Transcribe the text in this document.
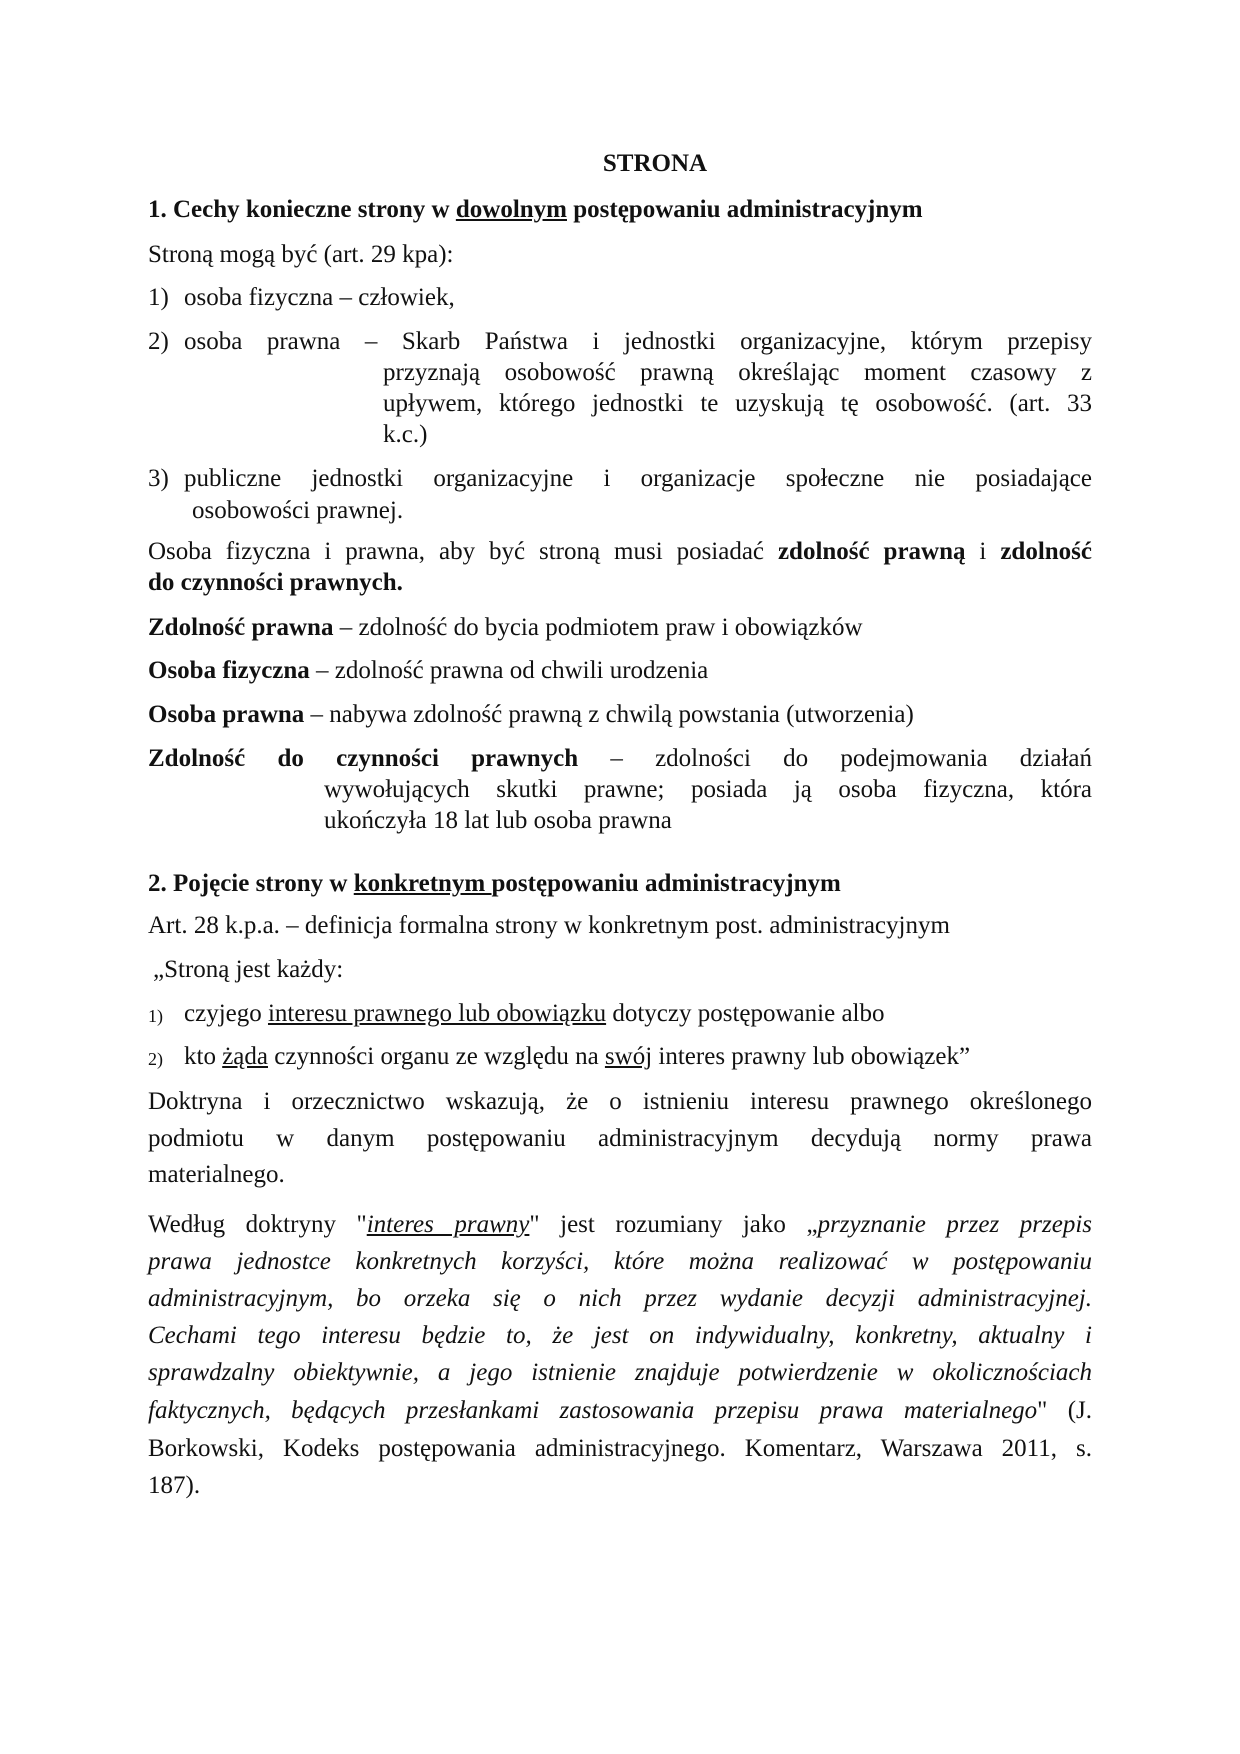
STRONA
1. Cechy konieczne strony w dowolnym postępowaniu administracyjnym
Stroną mogą być (art. 29 kpa):
osoba fizyczna – człowiek,
1)
osoba prawna – Skarb Państwa i jednostki organizacyjne, którym przepisy
2)
przyznają osobowość prawną określając moment czasowy z
upływem, którego jednostki te uzyskują tę osobowość. (art. 33
k.c.)
publiczne jednostki organizacyjne i organizacje społeczne nie posiadające
3)
osobowości prawnej.
Osoba fizyczna i prawna, aby być stroną musi posiadać zdolność prawną i zdolność
do czynności prawnych.
Zdolność prawna – zdolność do bycia podmiotem praw i obowiązków
Osoba fizyczna – zdolność prawna od chwili urodzenia
Osoba prawna – nabywa zdolność prawną z chwilą powstania (utworzenia)
Zdolność do czynności prawnych – zdolności do podejmowania działań
wywołujących skutki prawne; posiada ją osoba fizyczna, która
ukończyła 18 lat lub osoba prawna
2. Pojęcie strony w konkretnym postępowaniu administracyjnym
Art. 28 k.p.a. – definicja formalna strony w konkretnym post. administracyjnym
„Stroną jest każdy:
czyjego interesu prawnego lub obowiązku dotyczy postępowanie albo
1)
kto żąda czynności organu ze względu na swój interes prawny lub obowiązek”
2)
Doktryna i orzecznictwo wskazują, że o istnieniu interesu prawnego określonego
podmiotu w danym postępowaniu administracyjnym decydują normy prawa
materialnego.
Według doktryny "interes prawny" jest rozumiany jako „przyznanie przez przepis
prawa jednostce konkretnych korzyści, które można realizować w postępowaniu
administracyjnym, bo orzeka się o nich przez wydanie decyzji administracyjnej.
Cechami tego interesu będzie to, że jest on indywidualny, konkretny, aktualny i
sprawdzalny obiektywnie, a jego istnienie znajduje potwierdzenie w okolicznościach
faktycznych, będących przesłankami zastosowania przepisu prawa materialnego" (J.
Borkowski, Kodeks postępowania administracyjnego. Komentarz, Warszawa 2011, s.
187).
